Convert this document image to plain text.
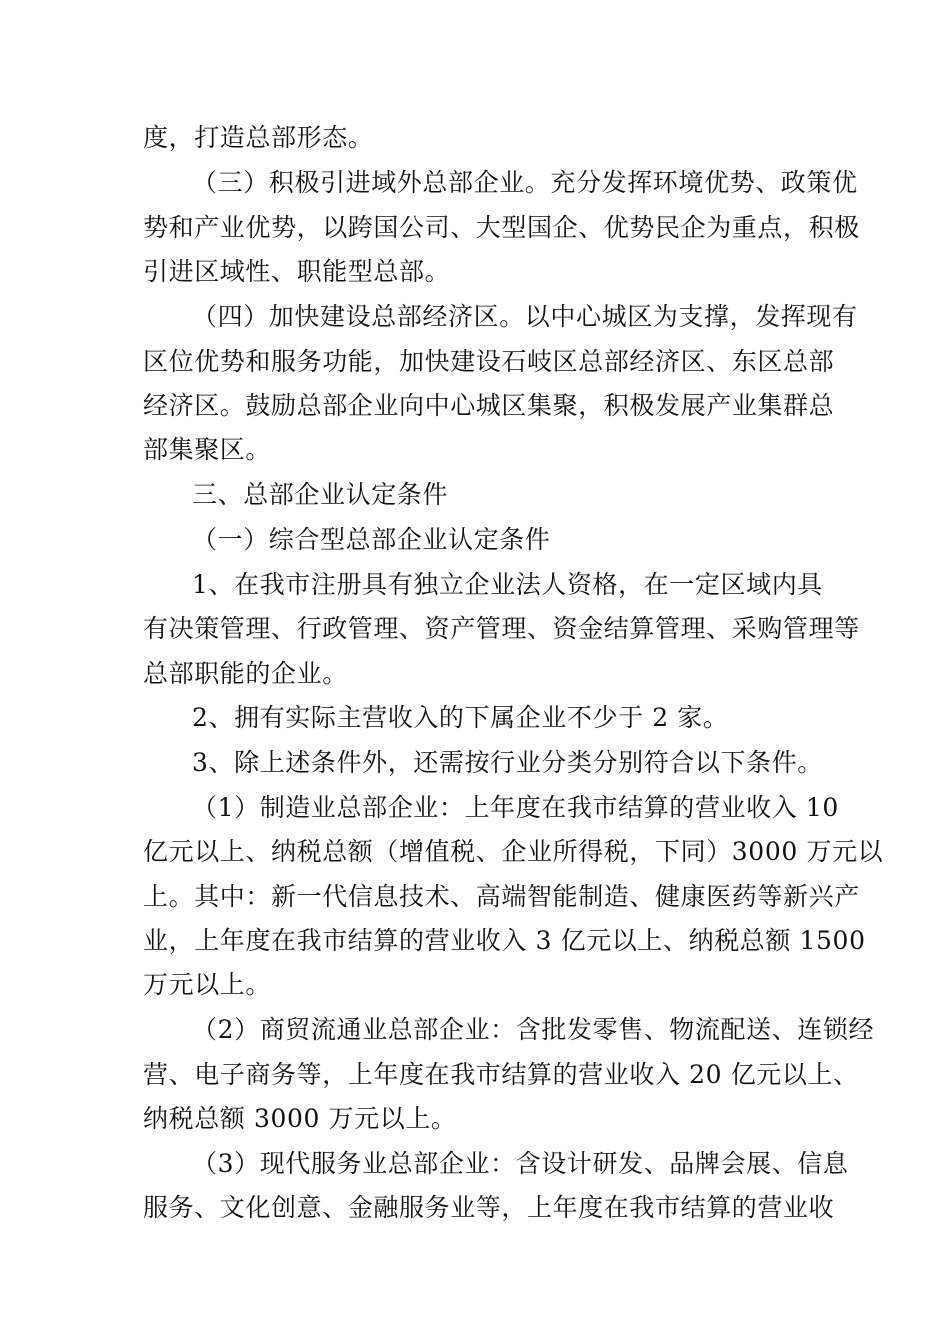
度，打造总部形态。
（三）积极引进域外总部企业。充分发挥环境优势、政策优
势和产业优势，以跨国公司、大型国企、优势民企为重点，积极
引进区域性、职能型总部。
（四）加快建设总部经济区。以中心城区为支撑，发挥现有
区位优势和服务功能，加快建设石岐区总部经济区、东区总部
经济区。鼓励总部企业向中心城区集聚，积极发展产业集群总
部集聚区。
三、总部企业认定条件
（一）综合型总部企业认定条件
1、在我市注册具有独立企业法人资格，在一定区域内具
有决策管理、行政管理、资产管理、资金结算管理、采购管理等
总部职能的企业。
2、拥有实际主营收入的下属企业不少于 2 家。
3、除上述条件外，还需按行业分类分别符合以下条件。
（1）制造业总部企业：上年度在我市结算的营业收入 10
亿元以上、纳税总额（增值税、企业所得税，下同）3000 万元以
上。其中：新一代信息技术、高端智能制造、健康医药等新兴产
业，上年度在我市结算的营业收入 3 亿元以上、纳税总额 1500
万元以上。
（2）商贸流通业总部企业：含批发零售、物流配送、连锁经
营、电子商务等，上年度在我市结算的营业收入 20 亿元以上、
纳税总额 3000 万元以上。
（3）现代服务业总部企业：含设计研发、品牌会展、信息
服务、文化创意、金融服务业等，上年度在我市结算的营业收
